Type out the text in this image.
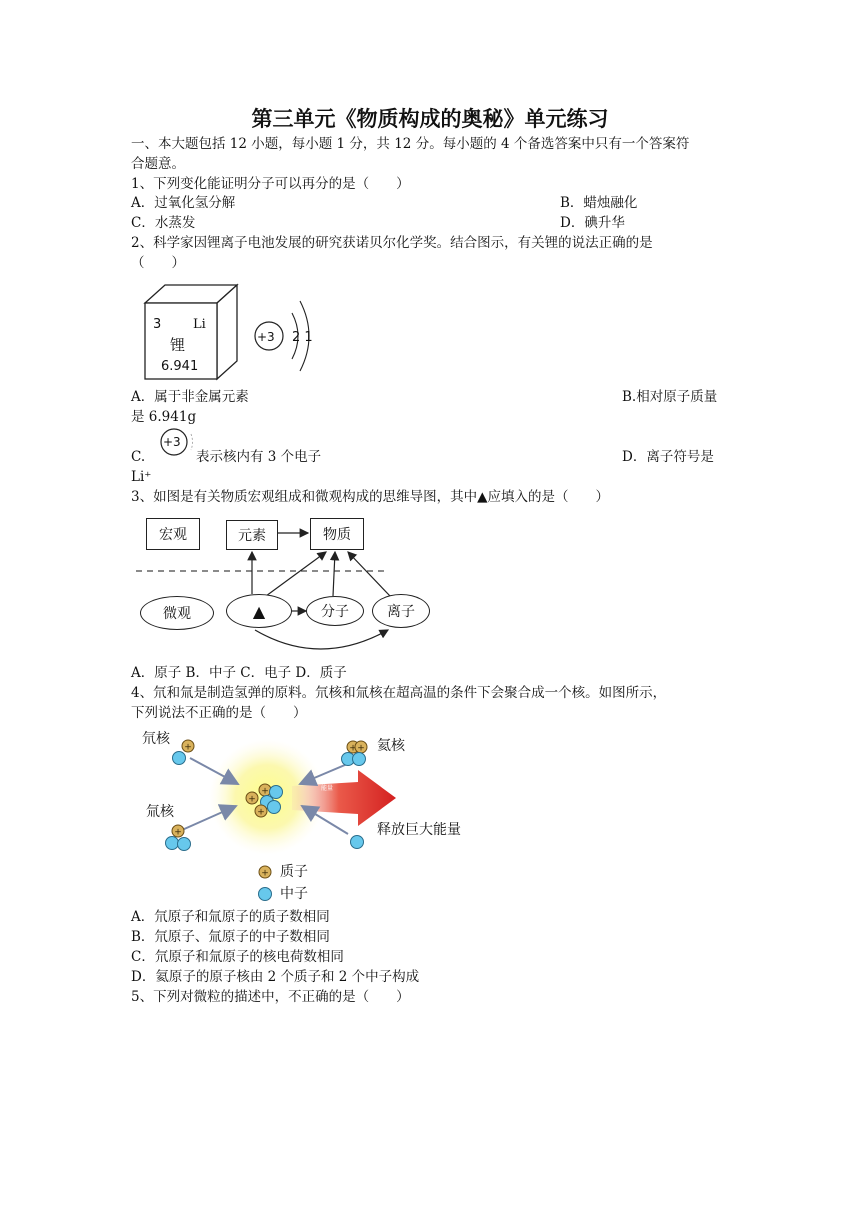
第三单元《物质构成的奥秘》单元练习
一、本大题包括 12 小题，每小题 1 分，共 12 分。每小题的 4 个备选答案中只有一个答案符
合题意。
1、下列变化能证明分子可以再分的是（　　）
A．过氧化氢分解	B．蜡烛融化
C．水蒸发	D．碘升华
2、科学家因锂离子电池发展的研究获诺贝尔化学奖。结合图示，有关锂的说法正确的是
（　　）
3 Li
锂
6.941
+3 2 1
A．属于非金属元素	B.相对原子质量
是 6.941g
C.
+3
表示核内有 3 个电子	D．离子符号是
Li⁺
3、如图是有关物质宏观组成和微观构成的思维导图，其中▲应填入的是（　　）
宏观	元素	物质
微观	▲	分子	离子
A．原子 B．中子 C．电子 D．质子
4、氘和氚是制造氢弹的原料。氘核和氚核在超高温的条件下会聚合成一个核。如图所示，
下列说法不正确的是（　　）
+
氘核	氦核
氚核
能量
释放巨大能量
质子
中子
A．氘原子和氚原子的质子数相同
B．氘原子、氚原子的中子数相同
C．氘原子和氚原子的核电荷数相同
D．氦原子的原子核由 2 个质子和 2 个中子构成
5、下列对微粒的描述中，不正确的是（　　）
